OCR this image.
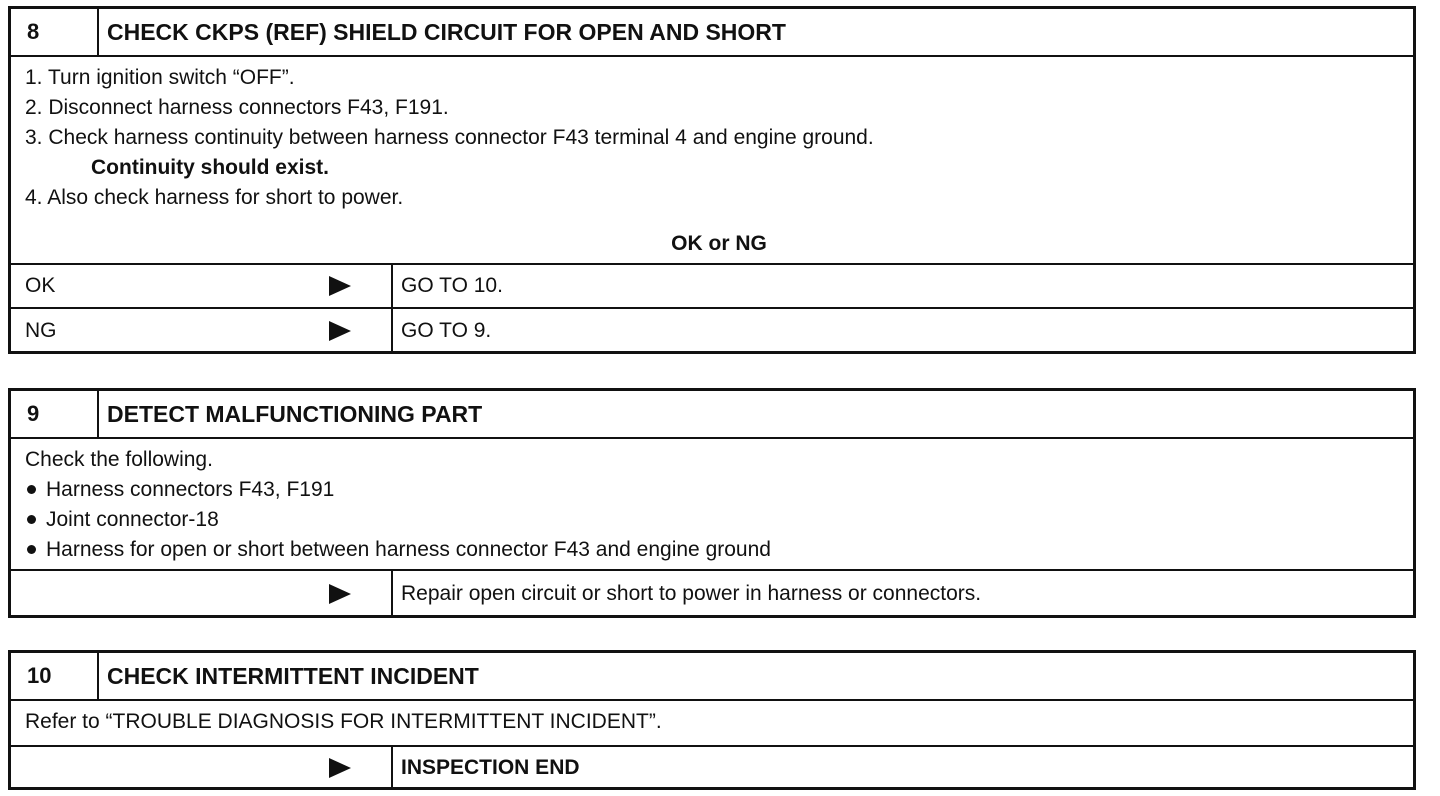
8	CHECK CKPS (REF) SHIELD CIRCUIT FOR OPEN AND SHORT
1. Turn ignition switch “OFF”.
2. Disconnect harness connectors F43, F191.
3. Check harness continuity between harness connector F43 terminal 4 and engine ground.
Continuity should exist.
4. Also check harness for short to power.
OK or NG
OK	GO TO 10.
NG	GO TO 9.
9	DETECT MALFUNCTIONING PART
Check the following.
Harness connectors F43, F191
Joint connector-18
Harness for open or short between harness connector F43 and engine ground
Repair open circuit or short to power in harness or connectors.
10	CHECK INTERMITTENT INCIDENT
Refer to “TROUBLE DIAGNOSIS FOR INTERMITTENT INCIDENT”.
INSPECTION END
